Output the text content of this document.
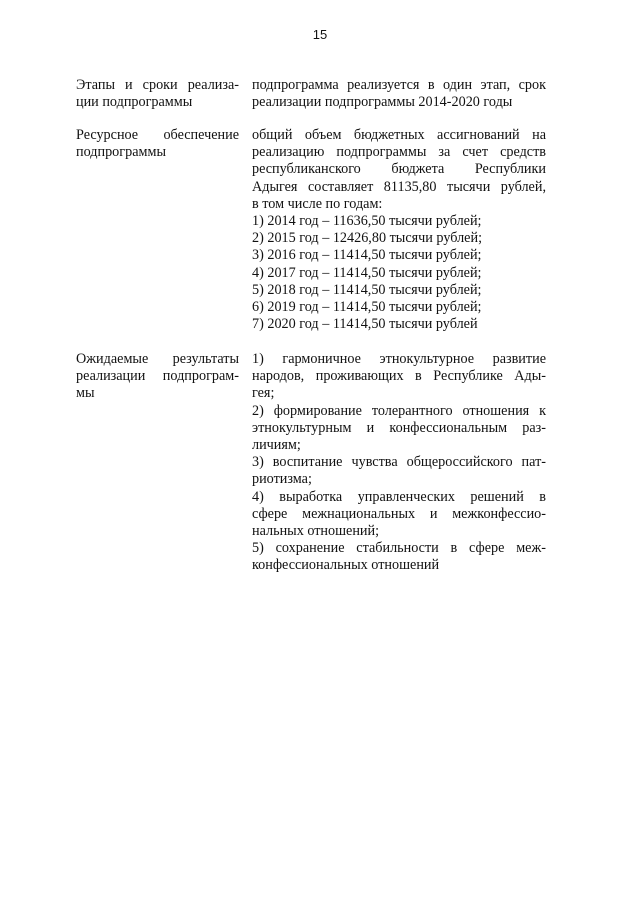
15
Этапы и сроки реализа-
ции подпрограммы
подпрограмма реализуется в один этап, срок
реализации подпрограммы 2014-2020 годы
Ресурсное обеспечение
подпрограммы
общий объем бюджетных ассигнований на
реализацию подпрограммы за счет средств
республиканского бюджета Республики
Адыгея составляет 81135,80 тысячи рублей,
в том числе по годам:
1) 2014 год – 11636,50 тысячи рублей;
2) 2015 год – 12426,80 тысячи рублей;
3) 2016 год – 11414,50 тысячи рублей;
4) 2017 год – 11414,50 тысячи рублей;
5) 2018 год – 11414,50 тысячи рублей;
6) 2019 год – 11414,50 тысячи рублей;
7) 2020 год – 11414,50 тысячи рублей
Ожидаемые результаты
реализации подпрограм-
мы
1) гармоничное этнокультурное развитие
народов, проживающих в Республике Ады-
гея;
2) формирование толерантного отношения к
этнокультурным и конфессиональным раз-
личиям;
3) воспитание чувства общероссийского пат-
риотизма;
4) выработка управленческих решений в
сфере межнациональных и межконфессио-
нальных отношений;
5) сохранение стабильности в сфере меж-
конфессиональных отношений
